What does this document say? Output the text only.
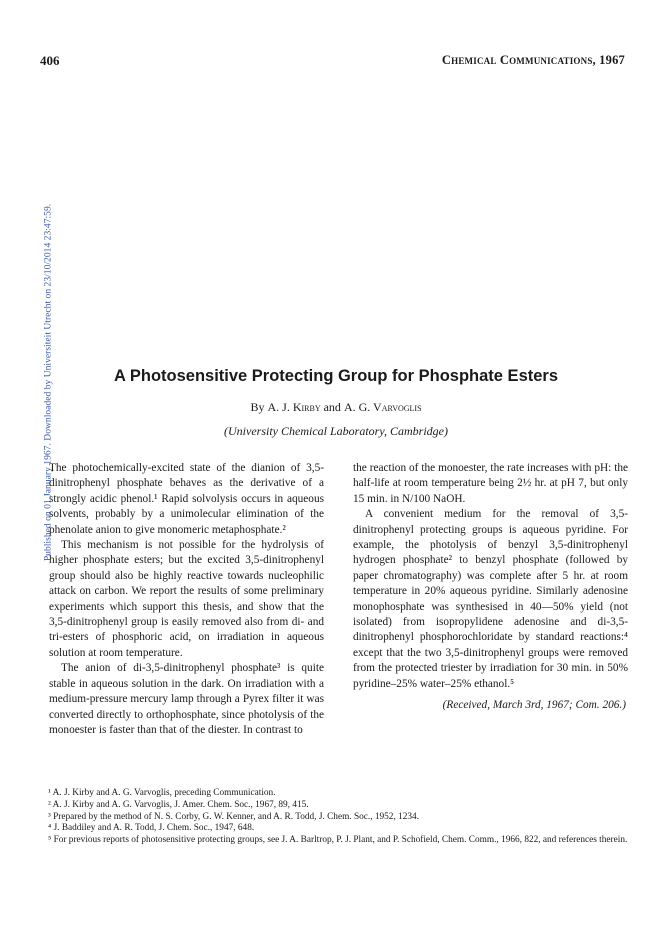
Published on 01 January 1967. Downloaded by Universiteit Utrecht on 23/10/2014 23:47:59.
406	Chemical Communications, 1967
A Photosensitive Protecting Group for Phosphate Esters
By A. J. Kirby and A. G. Varvoglis
(University Chemical Laboratory, Cambridge)

The photochemically-excited state of the dianion of 3,5-dinitrophenyl phosphate behaves as the derivative of a strongly acidic phenol.¹ Rapid solvolysis occurs in aqueous solvents, probably by a unimolecular elimination of the phenolate anion to give monomeric metaphosphate.²

This mechanism is not possible for the hydrolysis of higher phosphate esters; but the excited 3,5-dinitrophenyl group should also be highly reactive towards nucleophilic attack on carbon. We report the results of some preliminary experiments which support this thesis, and show that the 3,5-dinitrophenyl group is easily removed also from di- and tri-esters of phosphoric acid, on irradiation in aqueous solution at room temperature.

The anion of di-3,5-dinitrophenyl phosphate³ is quite stable in aqueous solution in the dark. On irradiation with a medium-pressure mercury lamp through a Pyrex filter it was converted directly to orthophosphate, since photolysis of the monoester is faster than that of the diester. In contrast to

the reaction of the monoester, the rate increases with pH: the half-life at room temperature being 2½ hr. at pH 7, but only 15 min. in N/100 NaOH.

A convenient medium for the removal of 3,5-dinitrophenyl protecting groups is aqueous pyridine. For example, the photolysis of benzyl 3,5-dinitrophenyl hydrogen phosphate² to benzyl phosphate (followed by paper chromatography) was complete after 5 hr. at room temperature in 20% aqueous pyridine. Similarly adenosine monophosphate was synthesised in 40—50% yield (not isolated) from isopropylidene adenosine and di-3,5-dinitrophenyl phosphorochloridate by standard reactions:⁴ except that the two 3,5-dinitrophenyl groups were removed from the protected triester by irradiation for 30 min. in 50% pyridine–25% water–25% ethanol.⁵

(Received, March 3rd, 1967; Com. 206.)
¹ A. J. Kirby and A. G. Varvoglis, preceding Communication.
² A. J. Kirby and A. G. Varvoglis, J. Amer. Chem. Soc., 1967, 89, 415.
³ Prepared by the method of N. S. Corby, G. W. Kenner, and A. R. Todd, J. Chem. Soc., 1952, 1234.
⁴ J. Baddiley and A. R. Todd, J. Chem. Soc., 1947, 648.
⁵ For previous reports of photosensitive protecting groups, see J. A. Barltrop, P. J. Plant, and P. Schofield, Chem. Comm., 1966, 822, and references therein.
